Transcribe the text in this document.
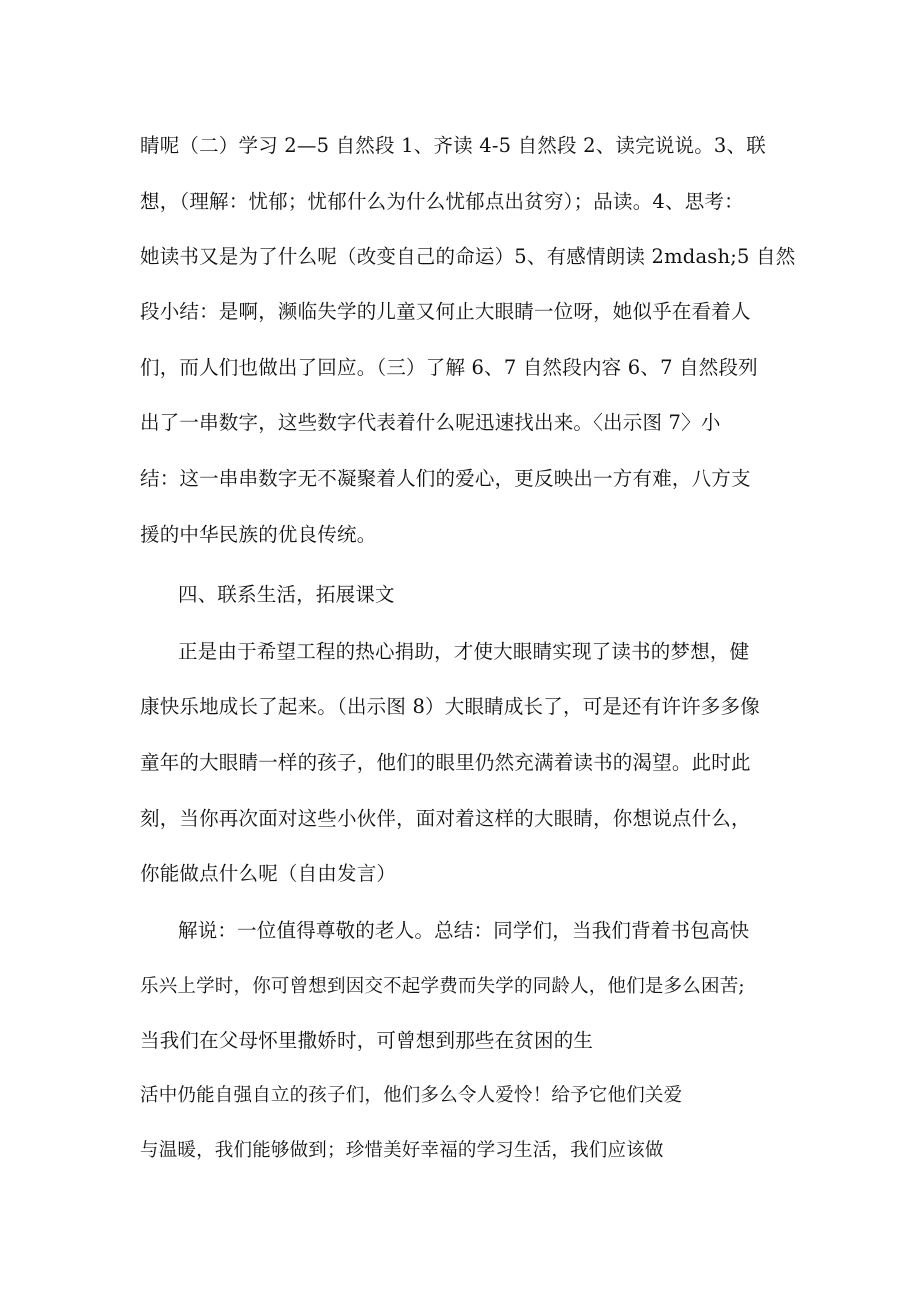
睛呢（二）学习 2—5 自然段 1、齐读 4-5 自然段 2、读完说说。3、联
想，（理解：忧郁；忧郁什么为什么忧郁点出贫穷）；品读。4、思考：
她读书又是为了什么呢（改变自己的命运）5、有感情朗读 2mdash;5 自然
段小结：是啊，濒临失学的儿童又何止大眼睛一位呀，她似乎在看着人
们，而人们也做出了回应。（三）了解 6、7 自然段内容 6、7 自然段列
出了一串数字，这些数字代表着什么呢迅速找出来。〈出示图 7〉小
结：这一串串数字无不凝聚着人们的爱心，更反映出一方有难，八方支
援的中华民族的优良传统。
四、联系生活，拓展课文
正是由于希望工程的热心捐助，才使大眼睛实现了读书的梦想，健
康快乐地成长了起来。（出示图 8）大眼睛成长了，可是还有许许多多像
童年的大眼睛一样的孩子，他们的眼里仍然充满着读书的渴望。此时此
刻，当你再次面对这些小伙伴，面对着这样的大眼睛，你想说点什么，
你能做点什么呢（自由发言）
解说：一位值得尊敬的老人。总结：同学们，当我们背着书包高快
乐兴上学时，你可曾想到因交不起学费而失学的同龄人，他们是多么困苦;
当我们在父母怀里撒娇时，可曾想到那些在贫困的生
活中仍能自强自立的孩子们，他们多么令人爱怜！给予它他们关爱
与温暖，我们能够做到；珍惜美好幸福的学习生活，我们应该做
